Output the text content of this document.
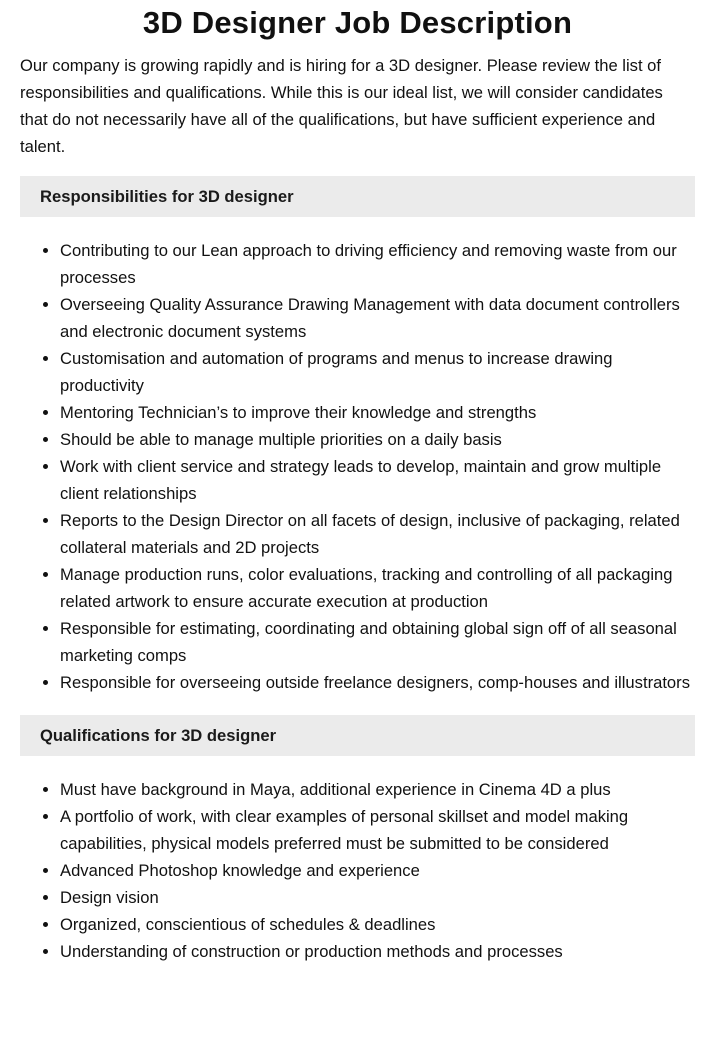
3D Designer Job Description

Our company is growing rapidly and is hiring for a 3D designer. Please review the list of responsibilities and qualifications. While this is our ideal list, we will consider candidates that do not necessarily have all of the qualifications, but have sufficient experience and talent.

Responsibilities for 3D designer
• Contributing to our Lean approach to driving efficiency and removing waste from our processes
• Overseeing Quality Assurance Drawing Management with data document controllers and electronic document systems
• Customisation and automation of programs and menus to increase drawing productivity
• Mentoring Technician’s to improve their knowledge and strengths
• Should be able to manage multiple priorities on a daily basis
• Work with client service and strategy leads to develop, maintain and grow multiple client relationships
• Reports to the Design Director on all facets of design, inclusive of packaging, related collateral materials and 2D projects
• Manage production runs, color evaluations, tracking and controlling of all packaging related artwork to ensure accurate execution at production
• Responsible for estimating, coordinating and obtaining global sign off of all seasonal marketing comps
• Responsible for overseeing outside freelance designers, comp-houses and illustrators
Qualifications for 3D designer
• Must have background in Maya, additional experience in Cinema 4D a plus
• A portfolio of work, with clear examples of personal skillset and model making capabilities, physical models preferred must be submitted to be considered
• Advanced Photoshop knowledge and experience
• Design vision
• Organized, conscientious of schedules & deadlines
• Understanding of construction or production methods and processes
